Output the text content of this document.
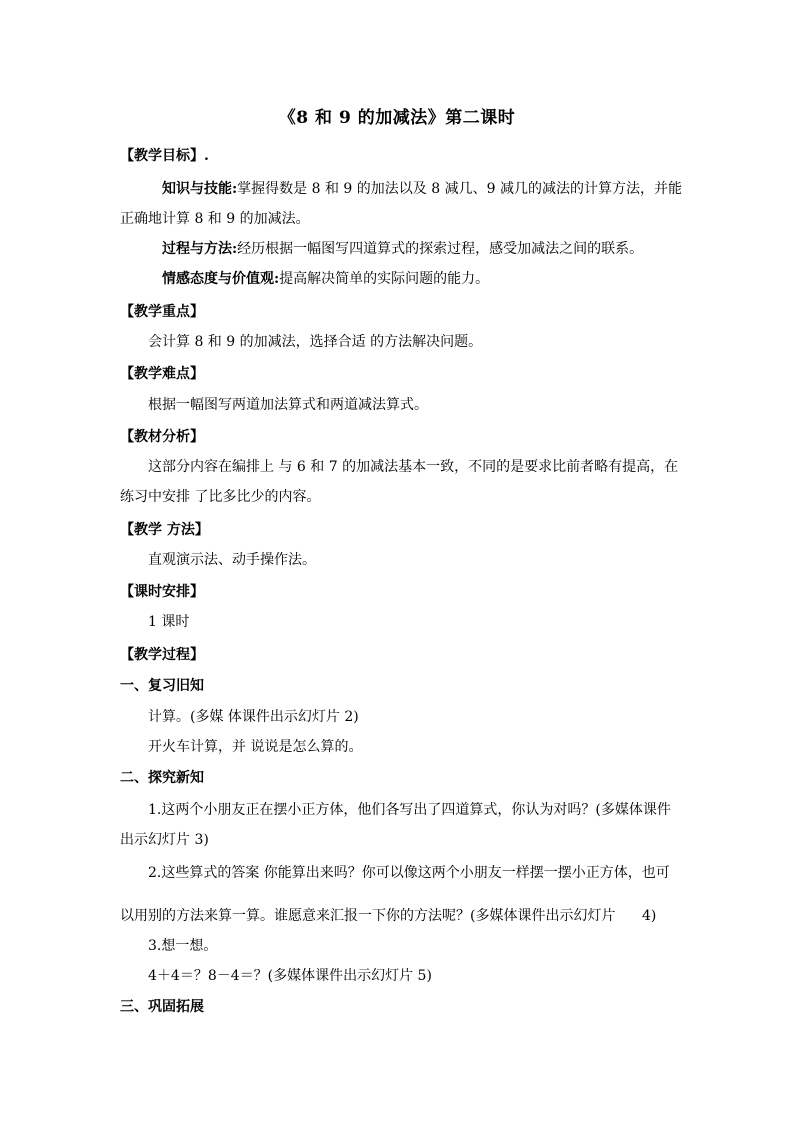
《8 和 9 的加减法》第二课时
【教学目标】.
知识与技能:掌握得数是 8 和 9 的加法以及 8 减几、9 减几的减法的计算方法，并能
正确地计算 8 和 9 的加减法。
过程与方法:经历根据一幅图写四道算式的探索过程，感受加减法之间的联系。
情感态度与价值观:提高解决简单的实际问题的能力。
【教学重点】
会计算 8 和 9 的加减法，选择合适 的方法解决问题。
【教学难点】
根据一幅图写两道加法算式和两道减法算式。
【教材分析】
这部分内容在编排上 与 6 和 7 的加减法基本一致，不同的是要求比前者略有提高，在
练习中安排 了比多比少的内容。
【教学 方法】
直观演示法、动手操作法。
【课时安排】
1 课时
【教学过程】
一、复习旧知
计算。(多媒 体课件出示幻灯片 2)
开火车计算，并 说说是怎么算的。
二、探究新知
1.这两个小朋友正在摆小正方体，他们各写出了四道算式，你认为对吗？(多媒体课件
出示幻灯片 3)
2.这些算式的答案 你能算出来吗？你可以像这两个小朋友一样摆一摆小正方体，也可
以用别的方法来算一算。谁愿意来汇报一下你的方法呢？(多媒体课件出示幻灯片 4)
3.想一想。
4＋4＝？8－4＝？(多媒体课件出示幻灯片 5)
三、巩固拓展
